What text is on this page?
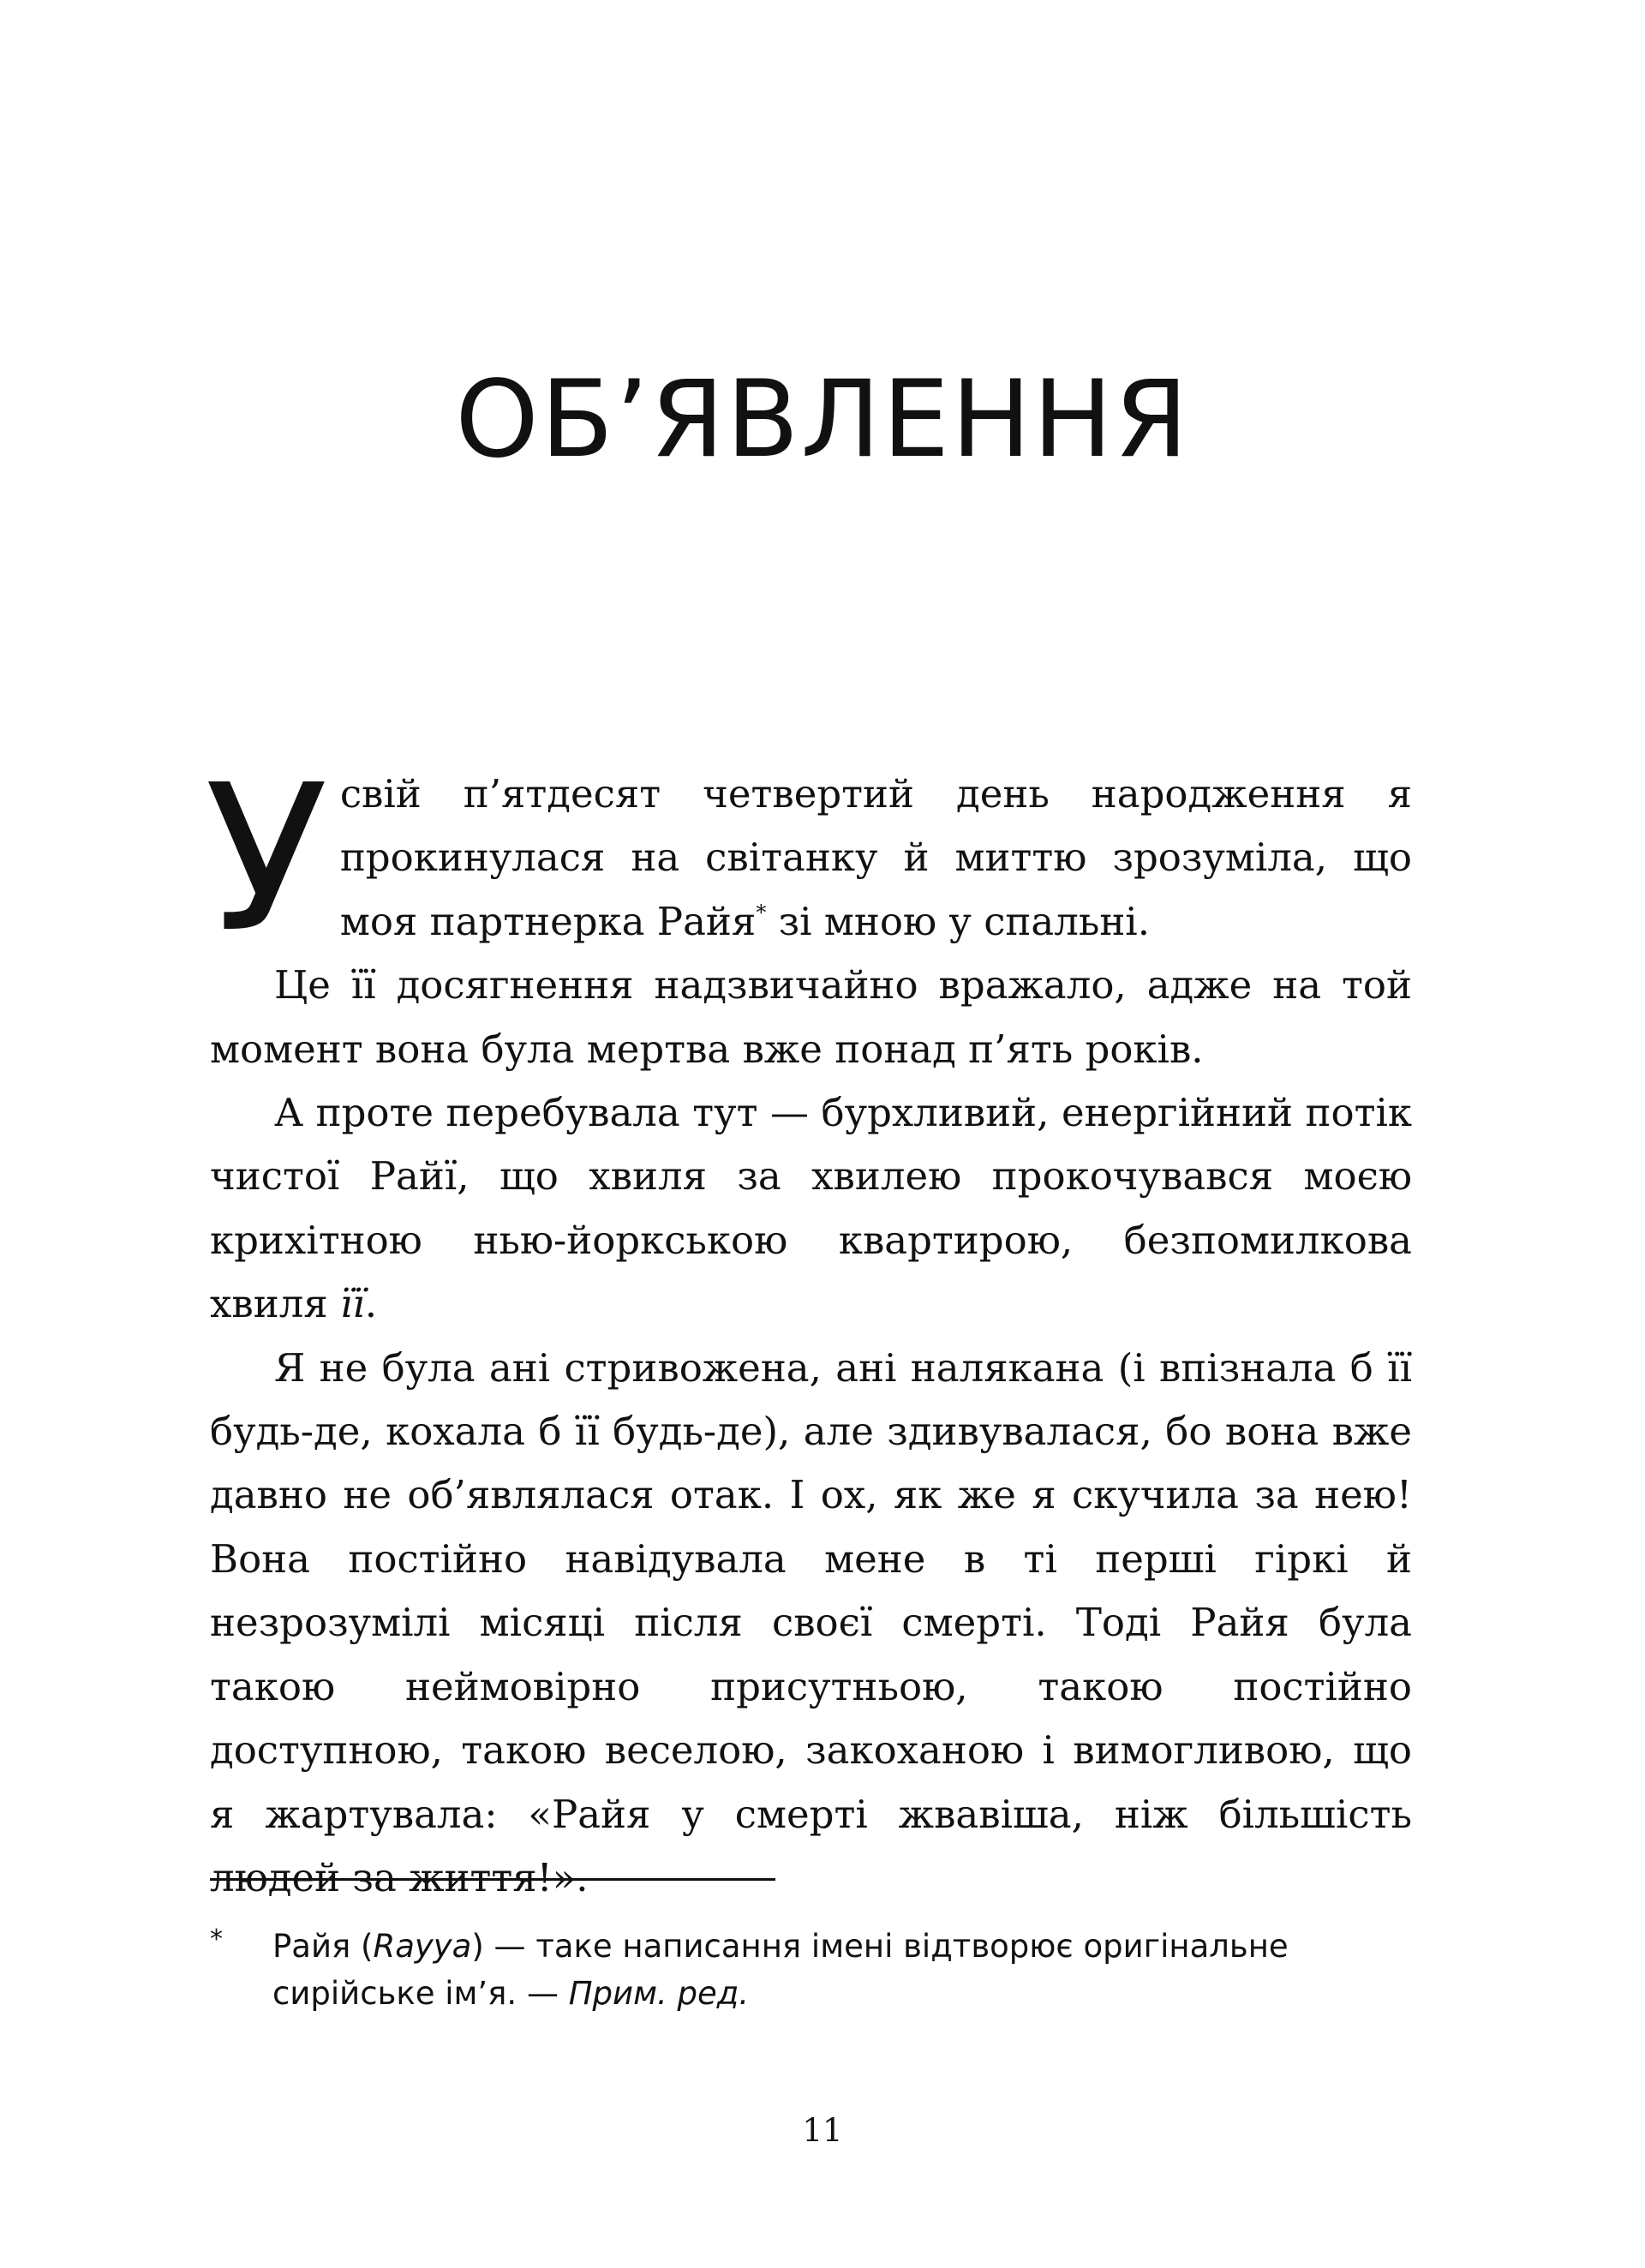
ОБ’ЯВЛЕННЯ

Усвій п’ятдесят четвертий день народження я прокинулася на світанку й миттю зрозуміла, що моя партнерка Райя* зі мною у спальні.

Це її досягнення надзвичайно вражало, адже на той момент вона була мертва вже понад п’ять років.

А проте перебувала тут — бурхливий, енергійний потік чистої Райї, що хвиля за хвилею прокочувався моєю крихітною нью-йоркською квартирою, безпомилкова хвиля її.

Я не була ані стривожена, ані налякана (і впізнала б її будь-де, кохала б її будь-де), але здивувалася, бо вона вже давно не об’являлася отак. І ох, як же я скучила за нею! Вона постійно навідувала мене в ті перші гіркі й незрозумілі місяці після своєї смерті. Тоді Райя була такою неймовірно присутньою, такою постійно доступною, такою веселою, закоханою і вимогливою, що я жартувала: «Райя у смерті жвавіша, ніж більшість людей за життя!».

* Райя (Rayya) — таке написання імені відтворює оригінальне сирійське ім’я. — Прим. ред.
11
